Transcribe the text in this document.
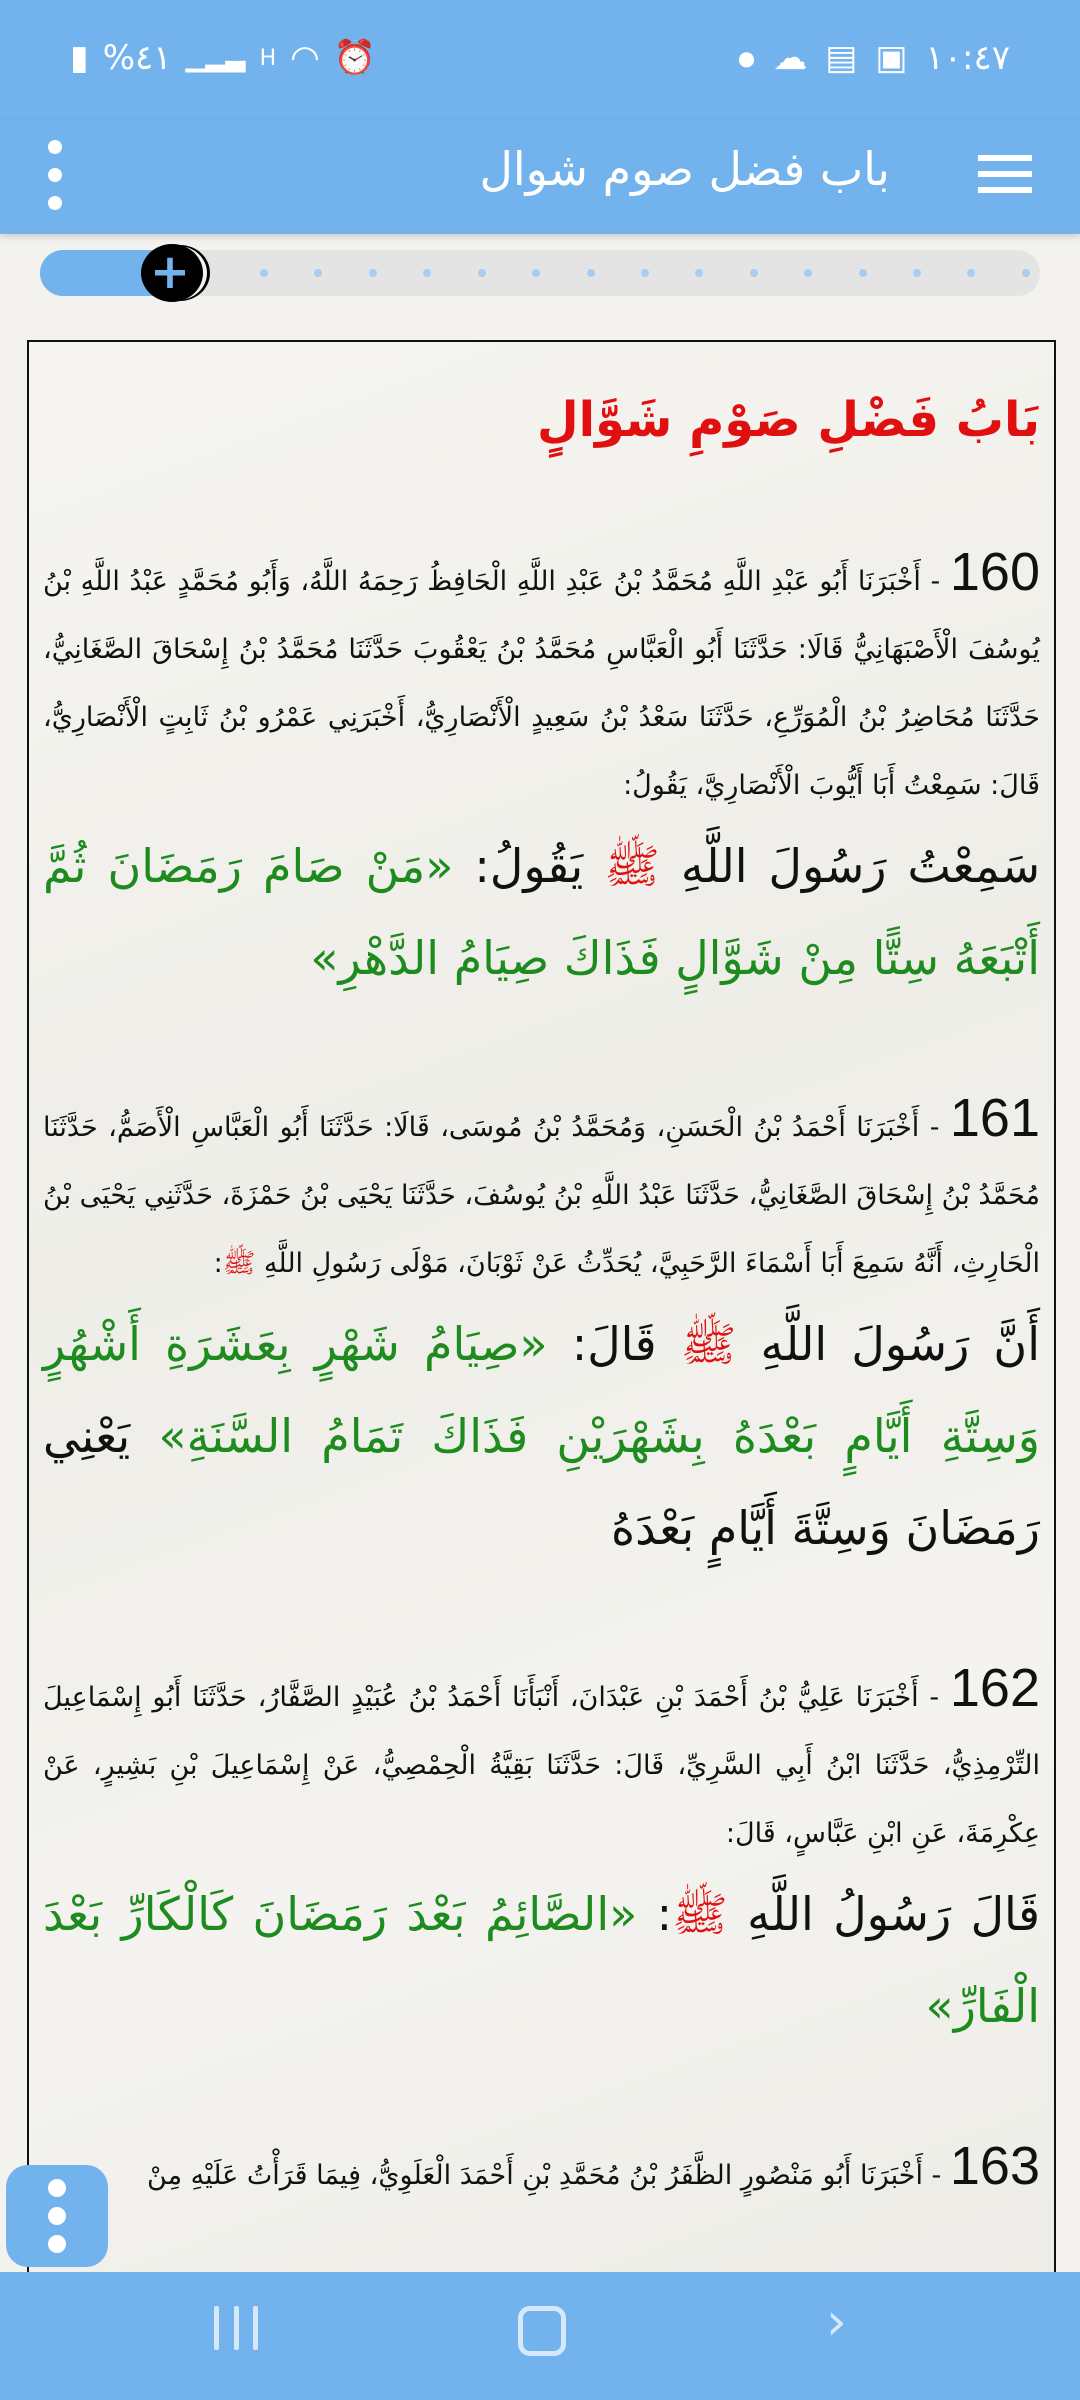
▮ %٤١ ▁▂▃ H ◠ ⏰	● ☁ ▤ ▣ ١٠:٤٧
باب فضل صوم شوال
+
بَابُ فَضْلِ صَوْمِ شَوَّالٍ
160 - أَخْبَرَنَا أَبُو عَبْدِ اللَّهِ مُحَمَّدُ بْنُ عَبْدِ اللَّهِ الْحَافِظُ رَحِمَهُ اللَّهُ، وَأَبُو مُحَمَّدٍ عَبْدُ اللَّهِ بْنُ يُوسُفَ الْأَصْبَهَانِيُّ قَالَا: حَدَّثَنَا أَبُو الْعَبَّاسِ مُحَمَّدُ بْنُ يَعْقُوبَ حَدَّثَنَا مُحَمَّدُ بْنُ إِسْحَاقَ الصَّغَانِيُّ، حَدَّثَنَا مُحَاضِرُ بْنُ الْمُوَرِّعِ، حَدَّثَنَا سَعْدُ بْنُ سَعِيدٍ الْأَنْصَارِيُّ، أَخْبَرَنِي عَمْرُو بْنُ ثَابِتٍ الْأَنْصَارِيُّ، قَالَ: سَمِعْتُ أَبَا أَيُّوبَ الْأَنْصَارِيَّ، يَقُولُ:
سَمِعْتُ رَسُولَ اللَّهِ ﷺ يَقُولُ: «مَنْ صَامَ رَمَضَانَ ثُمَّ أَتْبَعَهُ سِتًّا مِنْ شَوَّالٍ فَذَاكَ صِيَامُ الدَّهْرِ»
161 - أَخْبَرَنَا أَحْمَدُ بْنُ الْحَسَنِ، وَمُحَمَّدُ بْنُ مُوسَى، قَالَا: حَدَّثَنَا أَبُو الْعَبَّاسِ الْأَصَمُّ، حَدَّثَنَا مُحَمَّدُ بْنُ إِسْحَاقَ الصَّغَانِيُّ، حَدَّثَنَا عَبْدُ اللَّهِ بْنُ يُوسُفَ، حَدَّثَنَا يَحْيَى بْنُ حَمْزَةَ، حَدَّثَنِي يَحْيَى بْنُ الْحَارِثِ، أَنَّهُ سَمِعَ أَبَا أَسْمَاءَ الرَّحَبِيَّ، يُحَدِّثُ عَنْ ثَوْبَانَ، مَوْلَى رَسُولِ اللَّهِ ﷺ:
أَنَّ رَسُولَ اللَّهِ ﷺ قَالَ: «صِيَامُ شَهْرٍ بِعَشَرَةِ أَشْهُرٍ وَسِتَّةِ أَيَّامٍ بَعْدَهُ بِشَهْرَيْنِ فَذَاكَ تَمَامُ السَّنَةِ» يَعْنِي رَمَضَانَ وَسِتَّةَ أَيَّامٍ بَعْدَهُ
162 - أَخْبَرَنَا عَلِيُّ بْنُ أَحْمَدَ بْنِ عَبْدَانَ، أَنْبَأَنَا أَحْمَدُ بْنُ عُبَيْدٍ الصَّفَّارُ، حَدَّثَنَا أَبُو إِسْمَاعِيلَ التِّرْمِذِيُّ، حَدَّثَنَا ابْنُ أَبِي السَّرِيِّ، قَالَ: حَدَّثَنَا بَقِيَّةُ الْحِمْصِيُّ، عَنْ إِسْمَاعِيلَ بْنِ بَشِيرٍ، عَنْ عِكْرِمَةَ، عَنِ ابْنِ عَبَّاسٍ، قَالَ:
قَالَ رَسُولُ اللَّهِ ﷺ: «الصَّائِمُ بَعْدَ رَمَضَانَ كَالْكَارِّ بَعْدَ الْفَارِّ»
163 - أَخْبَرَنَا أَبُو مَنْصُورٍ الظَّفَرُ بْنُ مُحَمَّدِ بْنِ أَحْمَدَ الْعَلَوِيُّ، فِيمَا قَرَأْتُ عَلَيْهِ مِنْ
›
